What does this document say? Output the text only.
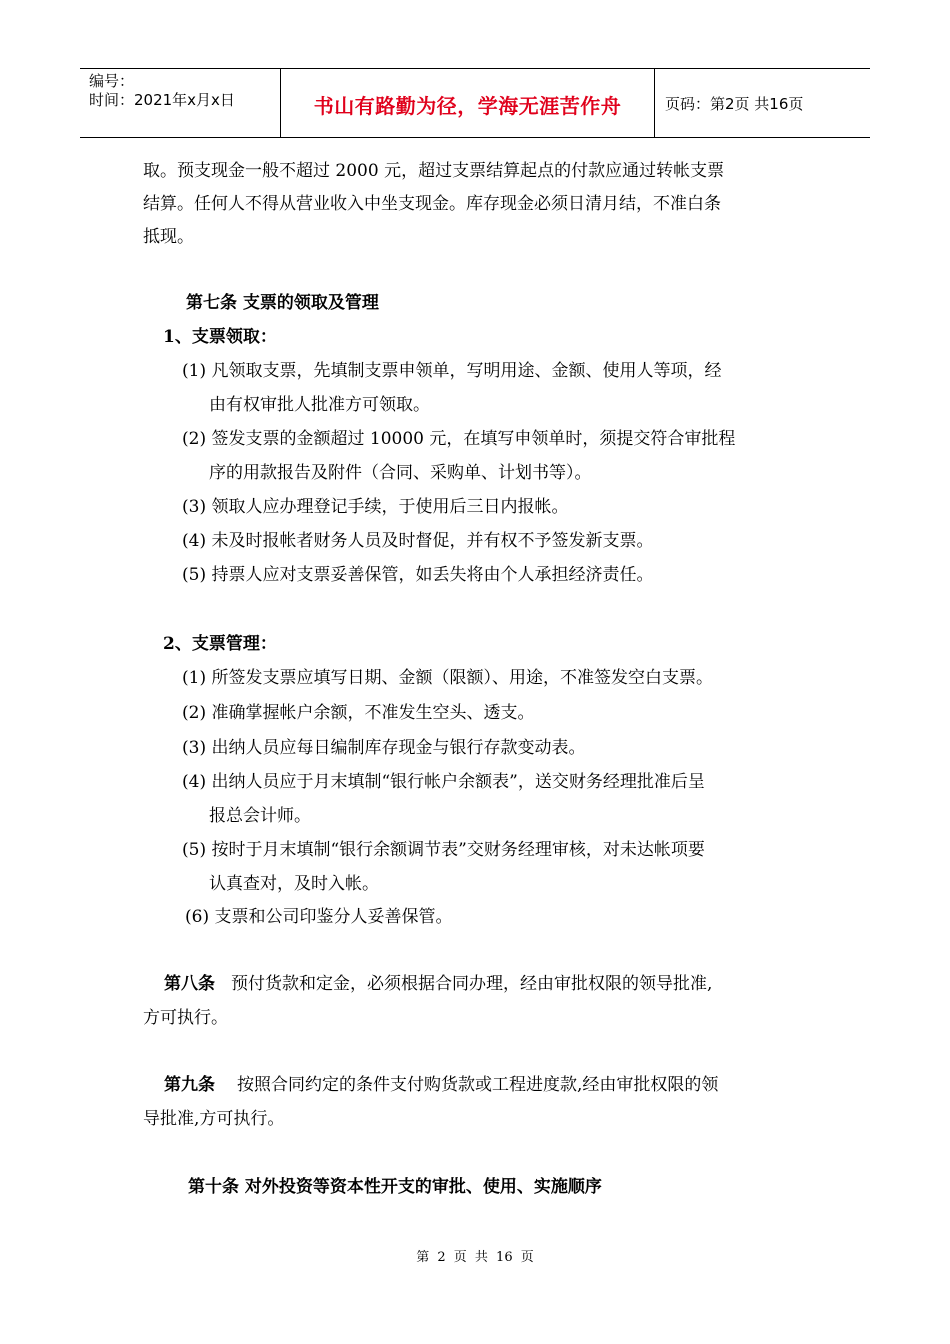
编号：
时间：2021年x月x日	书山有路勤为径，学海无涯苦作舟	页码：第2页 共16页
取。预支现金一般不超过 2000 元，超过支票结算起点的付款应通过转帐支票
结算。任何人不得从营业收入中坐支现金。库存现金必须日清月结，不准白条
抵现。
第七条 支票的领取及管理
1、支票领取：
(1) 凡领取支票，先填制支票申领单，写明用途、金额、使用人等项，经
由有权审批人批准方可领取。
(2) 签发支票的金额超过 10000 元，在填写申领单时，须提交符合审批程
序的用款报告及附件（合同、采购单、计划书等）。
(3) 领取人应办理登记手续，于使用后三日内报帐。
(4) 未及时报帐者财务人员及时督促，并有权不予签发新支票。
(5) 持票人应对支票妥善保管，如丢失将由个人承担经济责任。
2、支票管理：
(1) 所签发支票应填写日期、金额（限额）、用途，不准签发空白支票。
(2) 准确掌握帐户余额，不准发生空头、透支。
(3) 出纳人员应每日编制库存现金与银行存款变动表。
(4) 出纳人员应于月末填制“银行帐户余额表”，送交财务经理批准后呈
报总会计师。
(5) 按时于月末填制“银行余额调节表”交财务经理审核，对未达帐项要
认真查对，及时入帐。
(6) 支票和公司印鉴分人妥善保管。
第八条 预付货款和定金，必须根据合同办理，经由审批权限的领导批准,
方可执行。
第九条 按照合同约定的条件支付购货款或工程进度款,经由审批权限的领
导批准,方可执行。
第十条 对外投资等资本性开支的审批、使用、实施顺序
第 2 页 共 16 页
